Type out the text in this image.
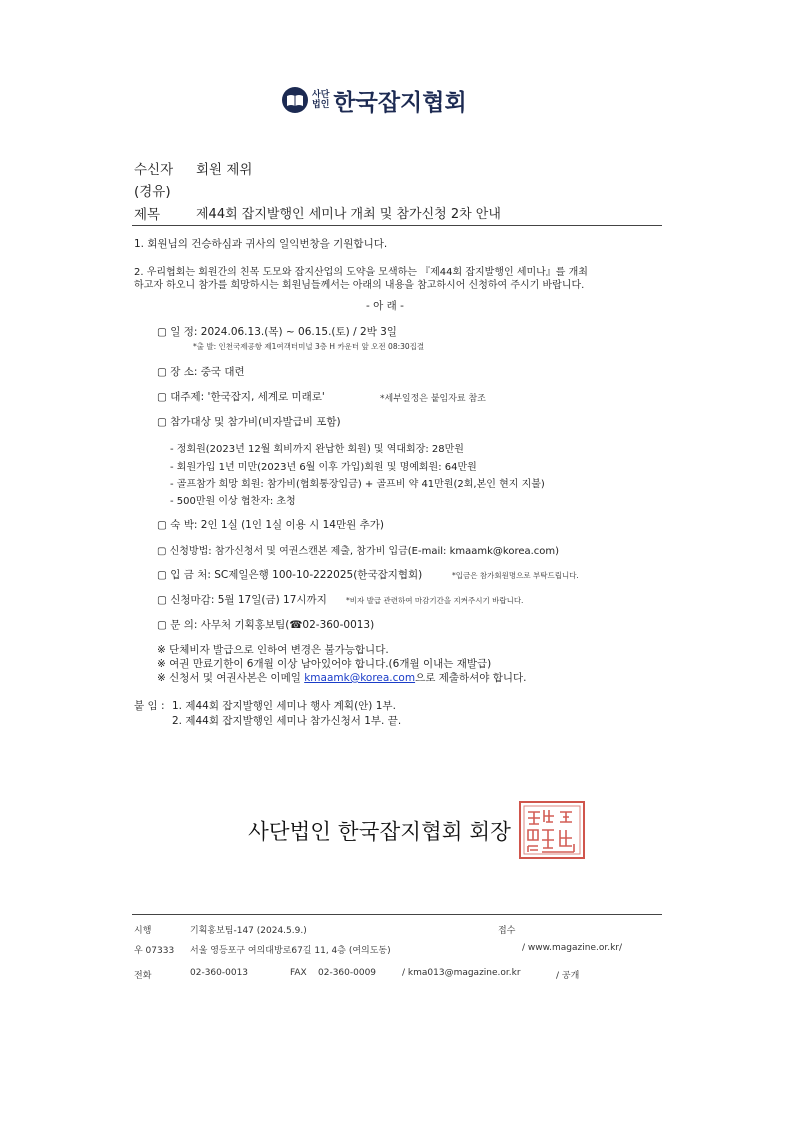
사단
법인 한국잡지협회
수신자 회원 제위
(경유)
제목	제44회 잡지발행인 세미나 개최 및 참가신청 2차 안내
1. 회원님의 건승하심과 귀사의 일익번창을 기원합니다.
2. 우리협회는 회원간의 친목 도모와 잡지산업의 도약을 모색하는 『제44회 잡지발행인 세미나』를 개최
하고자 하오니 참가를 희망하시는 회원님들께서는 아래의 내용을 참고하시어 신청하여 주시기 바랍니다.
- 아 래 -
▢ 일 정: 2024.06.13.(목) ~ 06.15.(토) / 2박 3일
*출 발: 인천국제공항 제1여객터미널 3층 H 카운터 앞 오전 08:30집결
▢ 장 소: 중국 대련
▢ 대주제: '한국잡지, 세계로 미래로'	*세부일정은 붙임자료 참조
▢ 참가대상 및 참가비(비자발급비 포함)
- 정회원(2023년 12월 회비까지 완납한 회원) 및 역대회장: 28만원
- 회원가입 1년 미만(2023년 6월 이후 가입)회원 및 명예회원: 64만원
- 골프참가 희망 회원: 참가비(협회통장입금) + 골프비 약 41만원(2회,본인 현지 지불)
- 500만원 이상 협찬자: 초청
▢ 숙 박: 2인 1실 (1인 1실 이용 시 14만원 추가)
▢ 신청방법: 참가신청서 및 여권스캔본 제출, 참가비 입금(E-mail: kmaamk@korea.com)
▢ 입 금 처: SC제일은행 100-10-222025(한국잡지협회)	*입금은 참가회원명으로 부탁드립니다.
▢ 신청마감: 5월 17일(금) 17시까지	*비자 발급 관련하여 마감기간을 지켜주시기 바랍니다.
▢ 문 의: 사무처 기획홍보팀(☎02-360-0013)
※ 단체비자 발급으로 인하여 변경은 불가능합니다.
※ 여권 만료기한이 6개월 이상 남아있어야 합니다.(6개월 이내는 재발급)
※ 신청서 및 여권사본은 이메일 kmaamk@korea.com으로 제출하셔야 합니다.
붙 임 : 1. 제44회 잡지발행인 세미나 행사 계획(안) 1부.
2. 제44회 잡지발행인 세미나 참가신청서 1부. 끝.
사단법인 한국잡지협회 회장
시행	기획홍보팀-147 (2024.5.9.)	접수
우 07333 서울 영등포구 여의대방로67길 11, 4층 (여의도동)	/ www.magazine.or.kr/
전화	02-360-0013	FAX 02-360-0009	/ kma013@magazine.or.kr	/ 공개
